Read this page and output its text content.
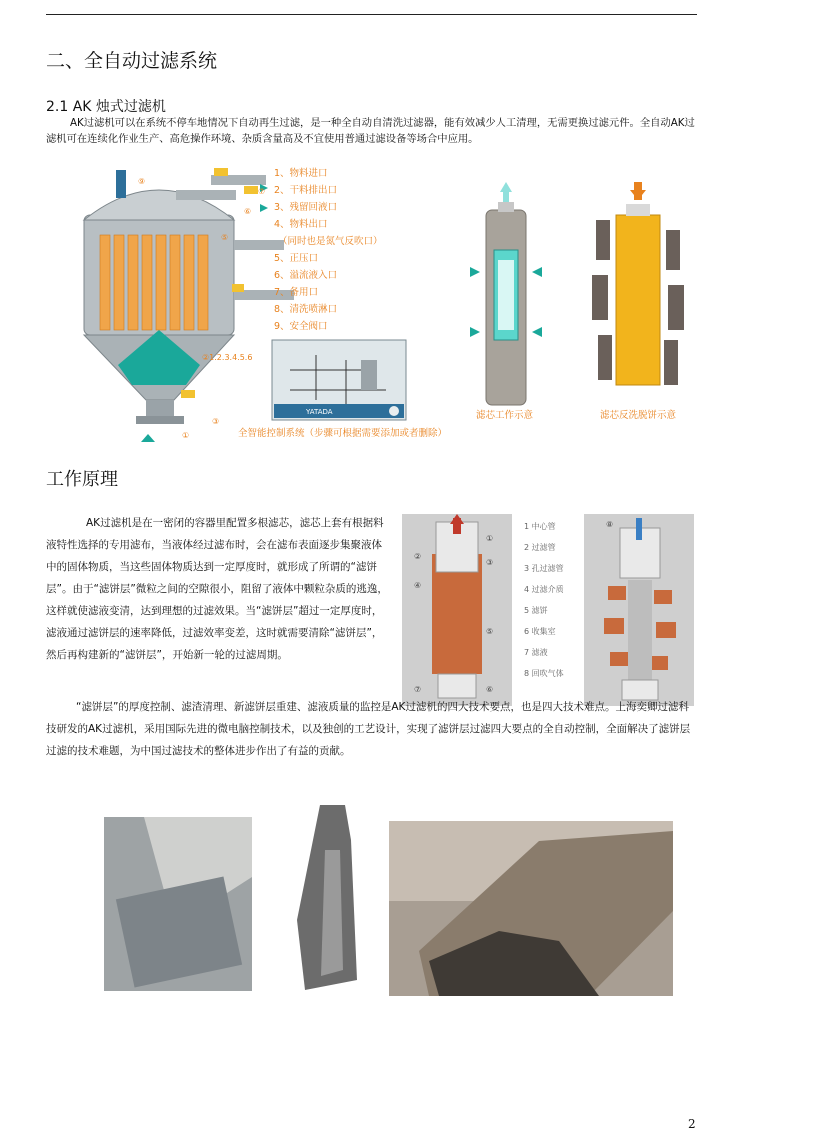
二、全自动过滤系统
2.1 AK 烛式过滤机
AK过滤机可以在系统不停车地情况下自动再生过滤，是一种全自动自清洗过滤器，能有效减少人工清理，无需更换过滤元件。全自动AK过滤机可在连续化作业生产、高危操作环境、杂质含量高及不宜使用普通过滤设备等场合中应用。
⑨
⑦
⑥
⑤
②1.2.3.4.5.6
③
①
1、物料进口
2、干料排出口
3、残留回液口
4、物料出口
（同时也是氮气反吹口）
5、正压口
6、溢流液入口
7、备用口
8、清洗喷淋口
9、安全阀口
YATADA
全智能控制系统（步骤可根据需要添加或者删除）
滤芯工作示意	滤芯反洗脱饼示意
工作原理
AK过滤机是在一密闭的容器里配置多根滤芯，滤芯上套有根据料液特性选择的专用滤布，当液体经过滤布时，会在滤布表面逐步集聚液体中的固体物质，当这些固体物质达到一定厚度时，就形成了所谓的“滤饼层”。由于“滤饼层”微粒之间的空隙很小，阻留了液体中颗粒杂质的逃逸，这样就使滤液变清，达到理想的过滤效果。当“滤饼层”超过一定厚度时，滤液通过滤饼层的速率降低，过滤效率变差，这时就需要清除“滤饼层”，然后再构建新的“滤饼层”，开始新一轮的过滤周期。
①
②
③
④
⑤
⑥
⑦
1 中心管
2 过滤管
3 孔过滤管
4 过滤介质
5 滤饼
6 收集室
7 滤液
8 回吹气体
⑧
“滤饼层”的厚度控制、滤渣清理、新滤饼层重建、滤液质量的监控是AK过滤机的四大技术要点，也是四大技术难点。上海奕卿过滤科技研发的AK过滤机，采用国际先进的微电脑控制技术，以及独创的工艺设计，实现了滤饼层过滤四大要点的全自动控制，全面解决了滤饼层过滤的技术难题，为中国过滤技术的整体进步作出了有益的贡献。
2
